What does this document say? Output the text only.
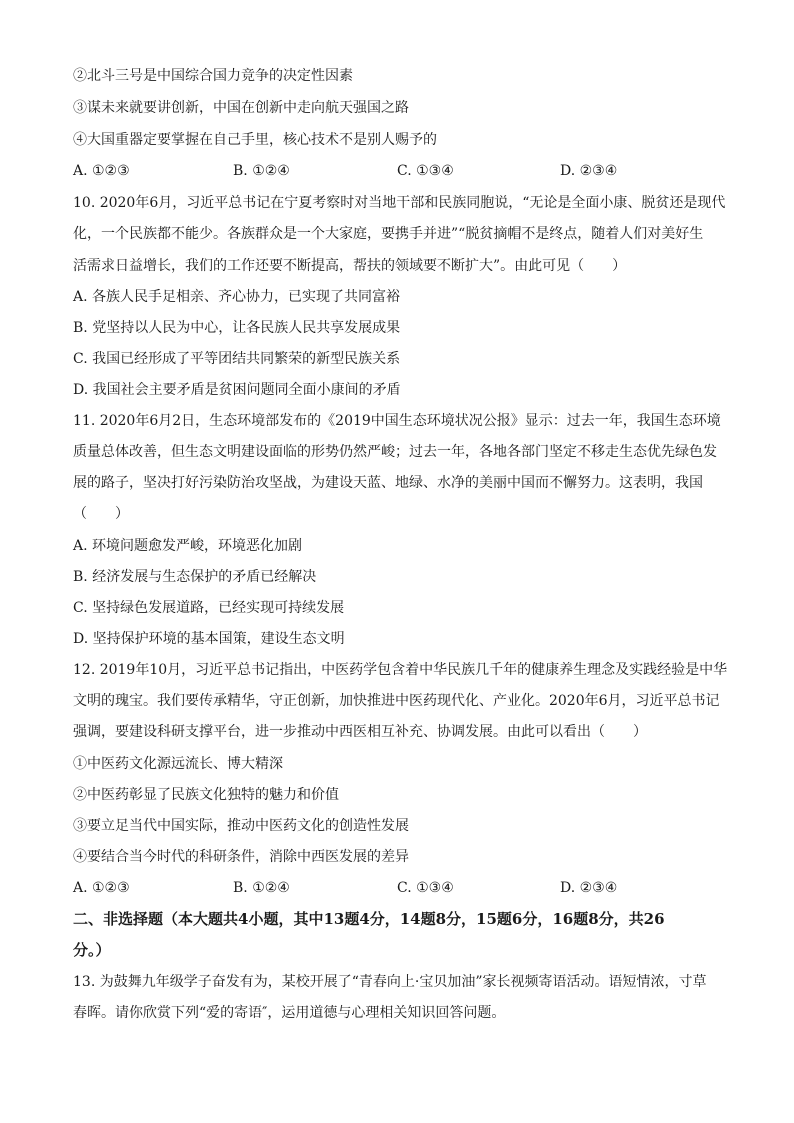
②北斗三号是中国综合国力竞争的决定性因素
③谋未来就要讲创新，中国在创新中走向航天强国之路
④大国重器定要掌握在自己手里，核心技术不是别人赐予的
A. ①②③	B. ①②④	C. ①③④	D. ②③④
10. 2020年6月，习近平总书记在宁夏考察时对当地干部和民族同胞说，“无论是全面小康、脱贫还是现代
化，一个民族都不能少。各族群众是一个大家庭，要携手并进”“脱贫摘帽不是终点，随着人们对美好生
活需求日益增长，我们的工作还要不断提高，帮扶的领域要不断扩大”。由此可见（　　）
A. 各族人民手足相亲、齐心协力，已实现了共同富裕
B. 党坚持以人民为中心，让各民族人民共享发展成果
C. 我国已经形成了平等团结共同繁荣的新型民族关系
D. 我国社会主要矛盾是贫困问题同全面小康间的矛盾
11. 2020年6月2日，生态环境部发布的《2019中国生态环境状况公报》显示：过去一年，我国生态环境
质量总体改善，但生态文明建设面临的形势仍然严峻；过去一年，各地各部门坚定不移走生态优先绿色发
展的路子，坚决打好污染防治攻坚战，为建设天蓝、地绿、水净的美丽中国而不懈努力。这表明，我国
（　　）
A. 环境问题愈发严峻，环境恶化加剧
B. 经济发展与生态保护的矛盾已经解决
C. 坚持绿色发展道路，已经实现可持续发展
D. 坚持保护环境的基本国策，建设生态文明
12. 2019年10月，习近平总书记指出，中医药学包含着中华民族几千年的健康养生理念及实践经验是中华
文明的瑰宝。我们要传承精华，守正创新，加快推进中医药现代化、产业化。2020年6月，习近平总书记
强调，要建设科研支撑平台，进一步推动中西医相互补充、协调发展。由此可以看出（　　）
①中医药文化源远流长、博大精深
②中医药彰显了民族文化独特的魅力和价值
③要立足当代中国实际，推动中医药文化的创造性发展
④要结合当今时代的科研条件，消除中西医发展的差异
A. ①②③	B. ①②④	C. ①③④	D. ②③④
二、非选择题（本大题共4小题，其中13题4分，14题8分，15题6分，16题8分，共26
分。）
13. 为鼓舞九年级学子奋发有为，某校开展了“青春向上·宝贝加油”家长视频寄语活动。语短情浓，寸草
春晖。请你欣赏下列“爱的寄语″，运用道德与心理相关知识回答问题。
